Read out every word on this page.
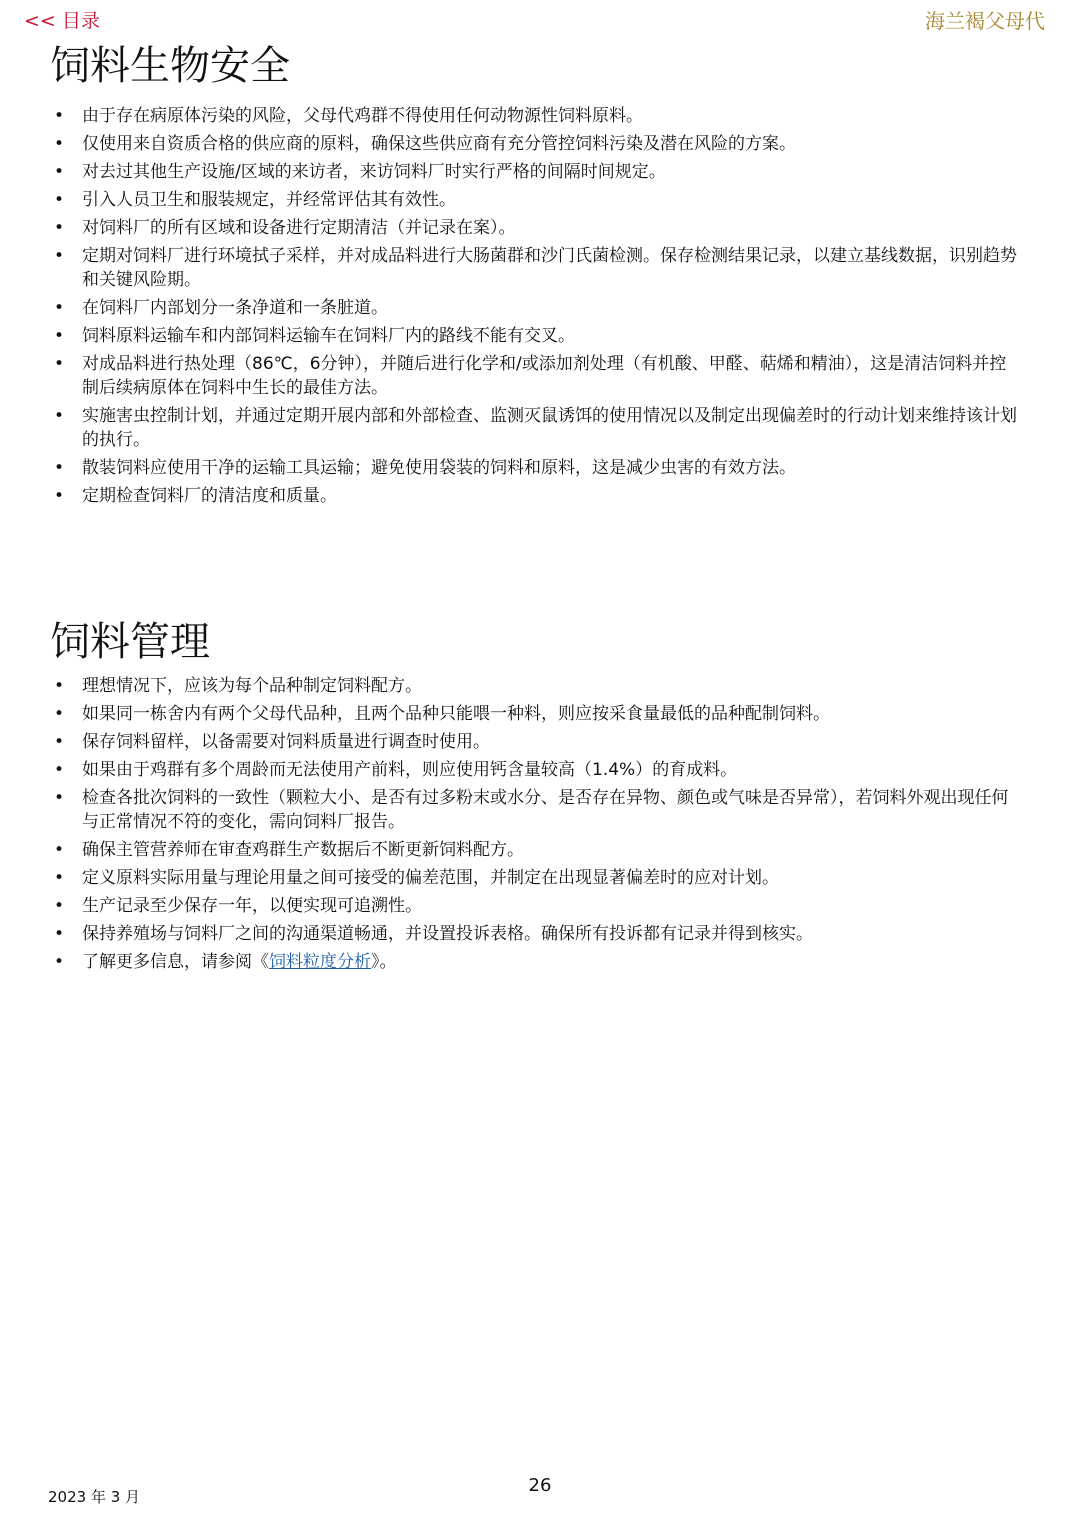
<< 目录	海兰褐父母代
饲料生物安全
• 由于存在病原体污染的风险，父母代鸡群不得使用任何动物源性饲料原料。
• 仅使用来自资质合格的供应商的原料，确保这些供应商有充分管控饲料污染及潜在风险的方案。
• 对去过其他生产设施/区域的来访者，来访饲料厂时实行严格的间隔时间规定。
• 引入人员卫生和服装规定，并经常评估其有效性。
• 对饲料厂的所有区域和设备进行定期清洁（并记录在案）。
• 定期对饲料厂进行环境拭子采样，并对成品料进行大肠菌群和沙门氏菌检测。保存检测结果记录，以建立基线数据，识别趋势和关键风险期。
• 在饲料厂内部划分一条净道和一条脏道。
• 饲料原料运输车和内部饲料运输车在饲料厂内的路线不能有交叉。
• 对成品料进行热处理（86℃，6分钟），并随后进行化学和/或添加剂处理（有机酸、甲醛、萜烯和精油），这是清洁饲料并控制后续病原体在饲料中生长的最佳方法。
• 实施害虫控制计划，并通过定期开展内部和外部检查、监测灭鼠诱饵的使用情况以及制定出现偏差时的行动计划来维持该计划的执行。
• 散装饲料应使用干净的运输工具运输；避免使用袋装的饲料和原料，这是减少虫害的有效方法。
• 定期检查饲料厂的清洁度和质量。
饲料管理
• 理想情况下，应该为每个品种制定饲料配方。
• 如果同一栋舍内有两个父母代品种，且两个品种只能喂一种料，则应按采食量最低的品种配制饲料。
• 保存饲料留样，以备需要对饲料质量进行调查时使用。
• 如果由于鸡群有多个周龄而无法使用产前料，则应使用钙含量较高（1.4%）的育成料。
• 检查各批次饲料的一致性（颗粒大小、是否有过多粉末或水分、是否存在异物、颜色或气味是否异常），若饲料外观出现任何与正常情况不符的变化，需向饲料厂报告。
• 确保主管营养师在审查鸡群生产数据后不断更新饲料配方。
• 定义原料实际用量与理论用量之间可接受的偏差范围，并制定在出现显著偏差时的应对计划。
• 生产记录至少保存一年，以便实现可追溯性。
• 保持养殖场与饲料厂之间的沟通渠道畅通，并设置投诉表格。确保所有投诉都有记录并得到核实。
• 了解更多信息，请参阅《饲料粒度分析》。
26
2023 年 3 月
